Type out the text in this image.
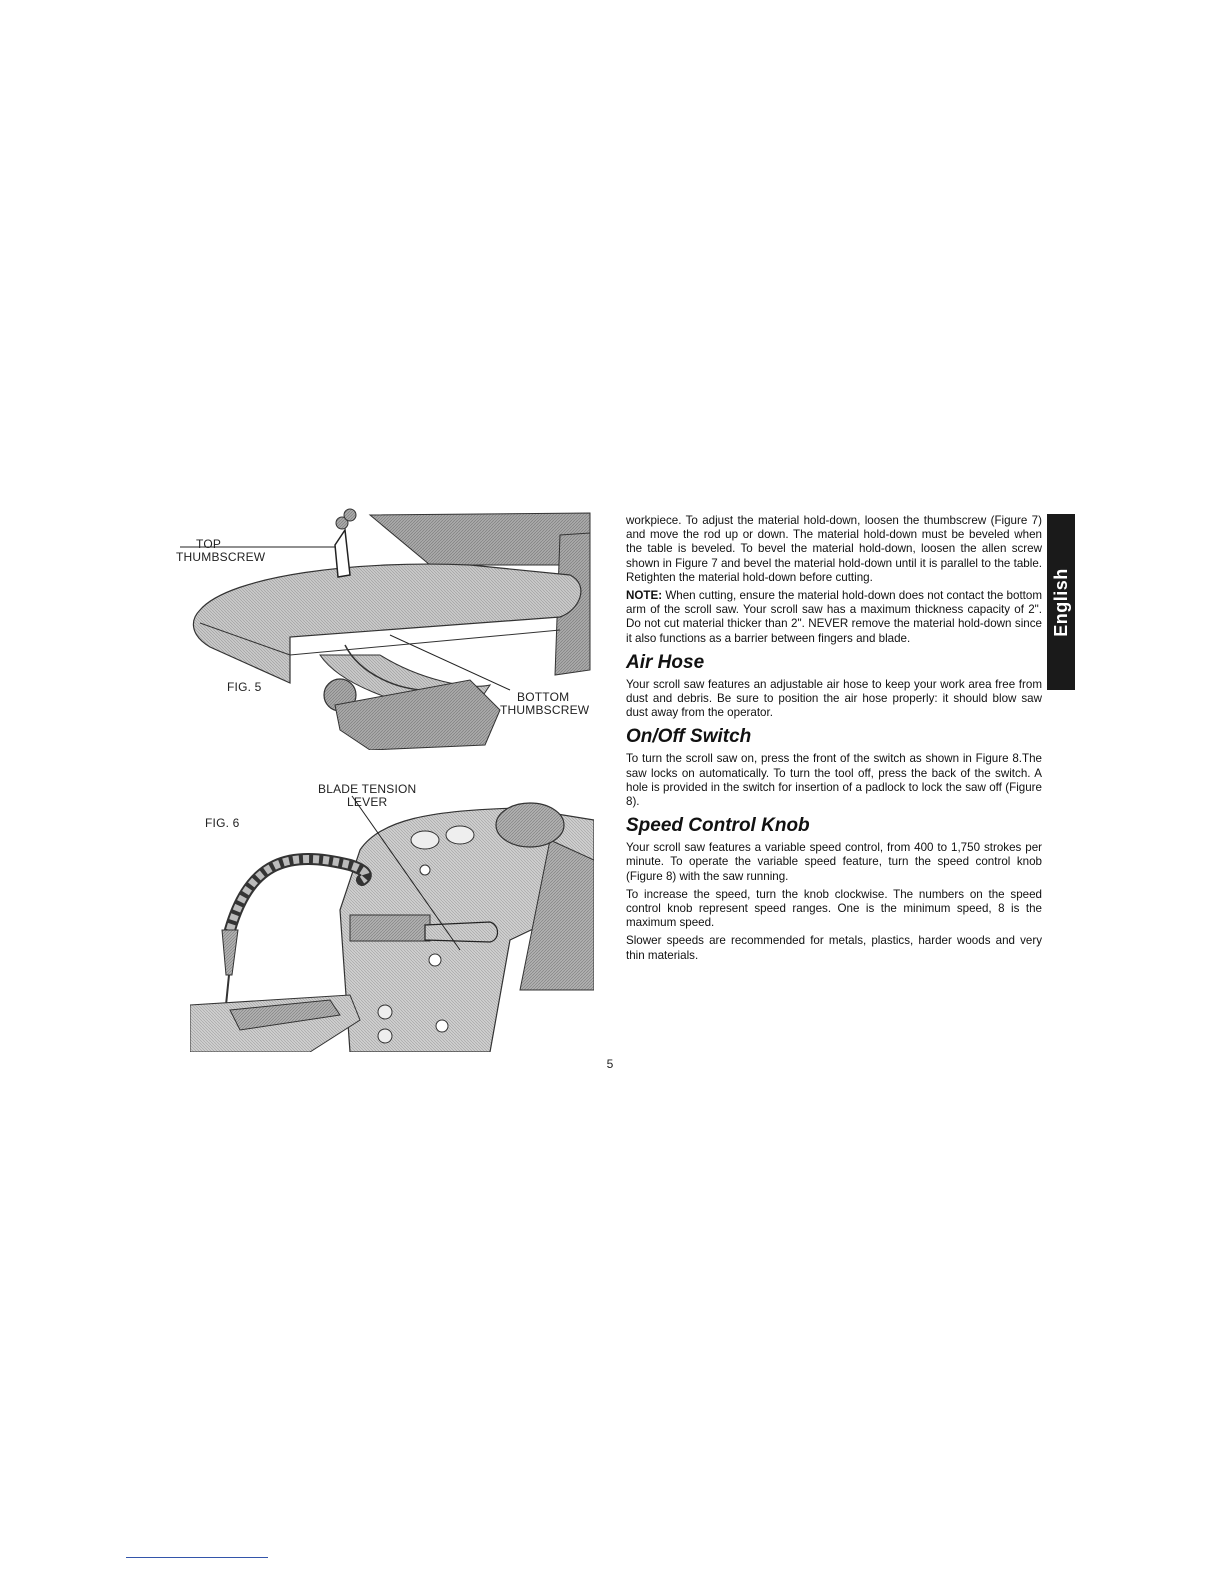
TOP
THUMBSCREW
FIG. 5
BOTTOM
THUMBSCREW
BLADE TENSION
LEVER
FIG. 6

workpiece. To adjust the material hold-down, loosen the thumbscrew (Figure 7) and move the rod up or down. The material hold-down must be beveled when the table is beveled. To bevel the material hold-down, loosen the allen screw shown in Figure 7 and bevel the material hold-down until it is parallel to the table. Retighten the material hold-down before cutting.

NOTE: When cutting, ensure the material hold-down does not contact the bottom arm of the scroll saw. Your scroll saw has a maximum thickness capacity of 2". Do not cut material thicker than 2". NEVER remove the material hold-down since it also functions as a barrier between fingers and blade.

Air Hose

Your scroll saw features an adjustable air hose to keep your work area free from dust and debris. Be sure to position the air hose properly: it should blow saw dust away from the operator.

On/Off Switch

To turn the scroll saw on, press the front of the switch as shown in Figure 8.The saw locks on automatically. To turn the tool off, press the back of the switch. A hole is provided in the switch for insertion of a padlock to lock the saw off (Figure 8).

Speed Control Knob

Your scroll saw features a variable speed control, from 400 to 1,750 strokes per minute. To operate the variable speed feature, turn the speed control knob (Figure 8) with the saw running.

To increase the speed, turn the knob clockwise. The numbers on the speed control knob represent speed ranges. One is the minimum speed, 8 is the maximum speed.

Slower speeds are recommended for metals, plastics, harder woods and very thin materials.

English
5
